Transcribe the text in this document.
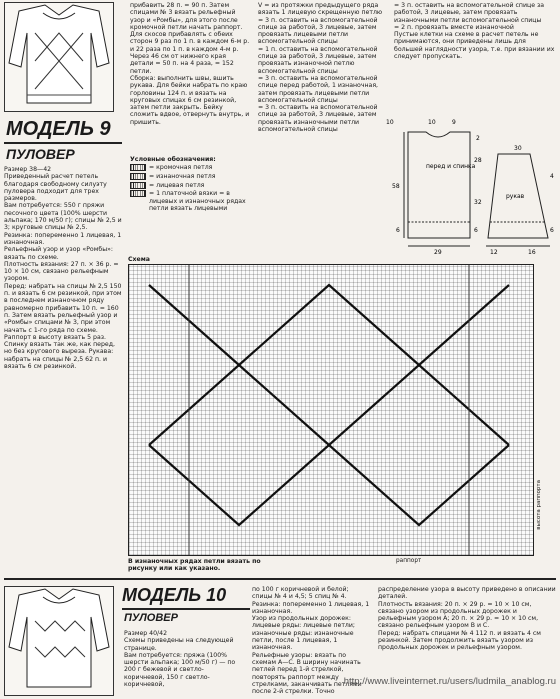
МОДЕЛЬ 9
ПУЛОВЕР
Размер 38—42
Приведенный расчет петель благодаря свободному силуэту пуловера подходит для трех размеров.
Вам потребуется: 550 г пряжи песочного цвета (100% шерсти альпака; 170 м/50 г); спицы № 2,5 и 3; круговые спицы № 2,5.
Резинка: попеременно 1 лицевая, 1 изнаночная.
Рельефный узор и узор «Ромбы»: вязать по схеме.
Плотность вязания: 27 п. × 36 р. = 10 × 10 см, связано рельефным узором.
Перед: набрать на спицы № 2,5 150 п. и вязать 6 см резинкой, при этом в последнем изнаночном ряду равномерно прибавить 10 п. = 160 п. Затем вязать рельефный узор и «Ромбы» спицами № 3, при этом начать с 1-го ряда по схеме. Раппорт в высоту вязать 5 раз. Спинку вязать так же, как перед, но без кругового выреза. Рукава: набрать на спицы № 2,5 62 п. и вязать 6 см резинкой.
прибавить 28 п. = 90 п. Затем спицами № 3 вязать рельефный узор и «Ромбы», для этого после кромочной петли начать раппорт. Для скосов прибавлять с обеих сторон 9 раз по 1 п. в каждом 6-м р. и 22 раза по 1 п. в каждом 4-м р. Через 46 см от нижнего края детали = 50 п. на 4 раза, = 152 петли.
Сборка: выполнить швы, вшить рукава. Для бейки набрать по краю горловины 124 п. и вязать на круговых спицах 6 см резинкой, затем петли закрыть. Бейку сложить вдвое, отвернуть внутрь, и пришить.
Условные обозначения:
= кромочная петля
= изнаночная петля
= лицевая петля
= 1 платочной вязки = в лицевых и изнаночных рядах петли вязать лицевыми
V = из протяжки предыдущего ряда вязать 1 лицевую скрещенную петлю
= 3 п. оставить на вспомогательной спице за работой, 3 лицевые, затем провязать лицевыми петли вспомогательной спицы
= 1 п. оставить на вспомогательной спице за работой, 3 лицевые, затем провязать изнаночной петлю вспомогательной спицы
= 3 п. оставить на вспомогательной спице перед работой, 1 изнаночная, затем провязать лицевыми петли вспомогательной спицы
= 3 п. оставить на вспомогательной спице за работой, 3 лицевые, затем провязать изнаночными петли вспомогательной спицы
= 3 п. оставить на вспомогательной спице за работой, 3 лицевые, затем провязать изнаночными петли вспомогательной спицы
= 2 п. провязать вместе изнаночной
Пустые клетки на схеме в расчет петель не принимаются, они приведены лишь для большей наглядности узора, т.е. при вязании их следует пропускать.
перед и спинка
рукав
10	10	9
2
28
58
32
4
6
29	12	16
6
30
6
Схема
высота раппорта
раппорт
В изнаночных рядах петли вязать по рисунку или как указано.
МОДЕЛЬ 10
ПУЛОВЕР
Размер 40/42
Схемы приведены на следующей странице.
Вам потребуется: пряжа (100% шерсти альпака; 100 м/50 г) — по 200 г бежевой и светло-коричневой, 150 г светло-коричневой,
по 100 г коричневой и белой; спицы № 4 и 4,5; 5 спиц № 4.
Резинка: попеременно 1 лицевая, 1 изнаночная.
Узор из продольных дорожек: лицевые ряды: лицевые петли; изнаночные ряды: изнаночные петли, после 1 лицевая, 1 изнаночная.
Рельефные узоры: вязать по схемам А—С. В ширину начинать петлей перед 1-й стрелкой, повторять раппорт между стрелками, заканчивать петлями после 2-й стрелки. Точно
распределение узора в высоту приведено в описании деталей.
Плотность вязания: 20 п. × 29 р. = 10 × 10 см, связано узором из продольных дорожек и рельефным узором А; 20 п. × 29 р. = 10 × 10 см, связано рельефным узором В и С.
Перед: набрать спицами № 4 112 п. и вязать 4 см резинкой. Затем продолжить вязать узором из продольных дорожек и рельефным узором.
http://www.liveinternet.ru/users/ludmila_anablog.ru
